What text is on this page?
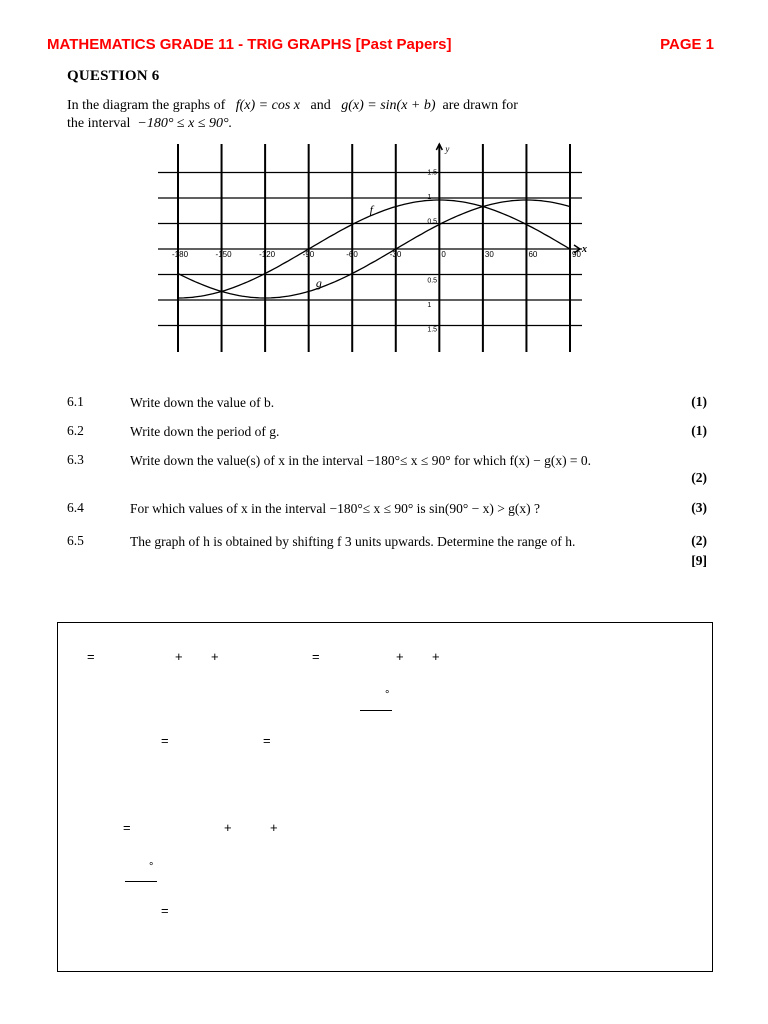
MATHEMATICS GRADE 11 - TRIG GRAPHS [Past Papers]	PAGE 1
QUESTION 6
In the diagram the graphs of f(x) = cos x and g(x) = sin(x + b) are drawn for
the interval −180° ≤ x ≤ 90°.
x
y
-180	-150	-120	-90	-60	-30	0	30	60	90
1.5
1
0.5
0.5
1
1.5
f
g
6.1	Write down the value of b.	(1)
6.2	Write down the period of g.	(1)
6.3	Write down the value(s) of x in the interval −180°≤ x ≤ 90° for which f(x) − g(x) = 0.
(2)
6.4	For which values of x in the interval −180°≤ x ≤ 90° is sin(90° − x) > g(x) ?	(3)
6.5	The graph of h is obtained by shifting f 3 units upwards. Determine the range of h.	(2)
[9]
=	+ +	=	+ +
°
=	=
=	+	+
°
=
